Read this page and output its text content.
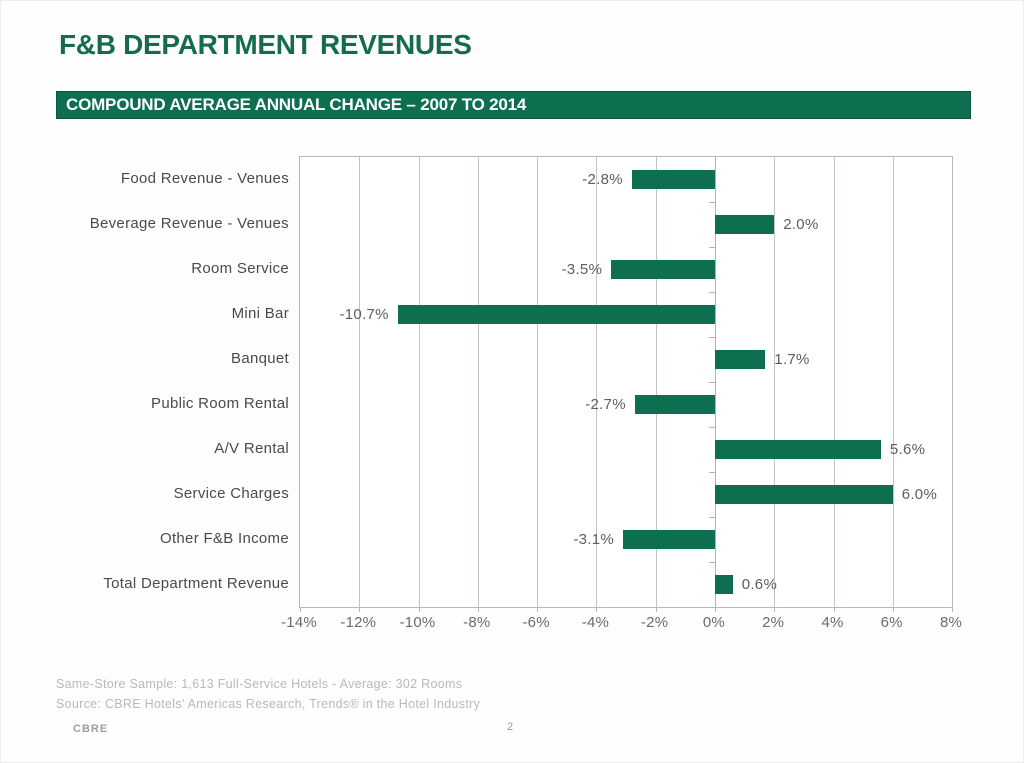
F&B DEPARTMENT REVENUES
COMPOUND AVERAGE ANNUAL CHANGE – 2007 TO 2014
Food Revenue - Venues
Beverage Revenue - Venues
Room Service
Mini Bar
Banquet
Public Room Rental
A/V Rental
Service Charges
Other F&B Income
Total Department Revenue
-2.8%
2.0%
-3.5%
-10.7%
1.7%
-2.7%
5.6%
6.0%
-3.1%
0.6%
-14% -12% -10% -8% -6% -4% -2% 0% 2% 4% 6% 8%
Same-Store Sample: 1,613 Full-Service Hotels - Average: 302 Rooms
Source: CBRE Hotels' Americas Research, Trends® in the Hotel Industry
CBRE	2
